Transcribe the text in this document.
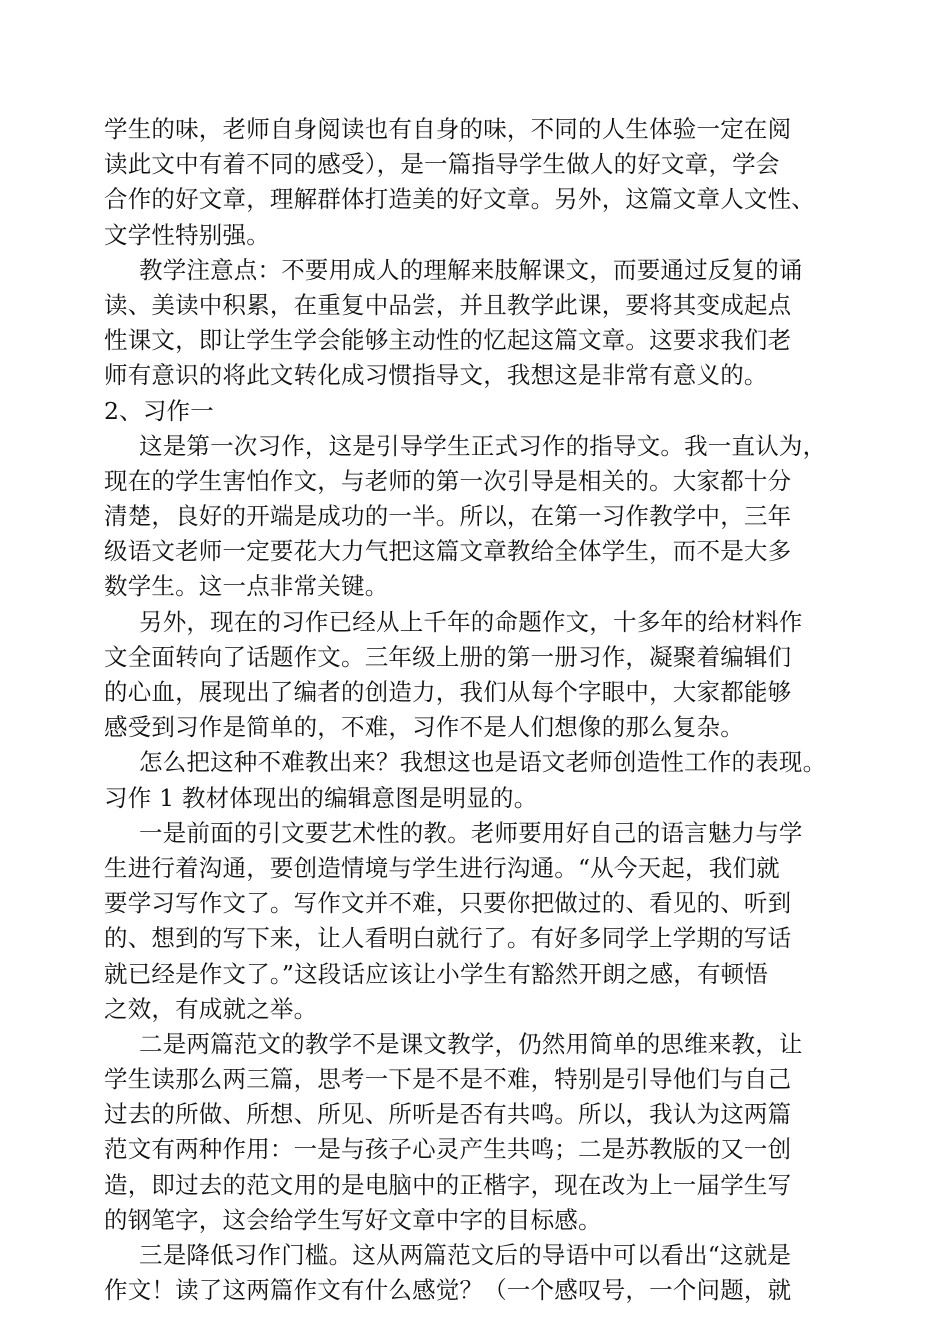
学生的味，老师自身阅读也有自身的味，不同的人生体验一定在阅
读此文中有着不同的感受），是一篇指导学生做人的好文章，学会
合作的好文章，理解群体打造美的好文章。另外，这篇文章人文性、
文学性特别强。
教学注意点：不要用成人的理解来肢解课文，而要通过反复的诵
读、美读中积累，在重复中品尝，并且教学此课，要将其变成起点
性课文，即让学生学会能够主动性的忆起这篇文章。这要求我们老
师有意识的将此文转化成习惯指导文，我想这是非常有意义的。
2、习作一
这是第一次习作，这是引导学生正式习作的指导文。我一直认为，
现在的学生害怕作文，与老师的第一次引导是相关的。大家都十分
清楚，良好的开端是成功的一半。所以，在第一习作教学中，三年
级语文老师一定要花大力气把这篇文章教给全体学生，而不是大多
数学生。这一点非常关键。
另外，现在的习作已经从上千年的命题作文，十多年的给材料作
文全面转向了话题作文。三年级上册的第一册习作，凝聚着编辑们
的心血，展现出了编者的创造力，我们从每个字眼中，大家都能够
感受到习作是简单的，不难，习作不是人们想像的那么复杂。
怎么把这种不难教出来？我想这也是语文老师创造性工作的表现。
习作 1 教材体现出的编辑意图是明显的。
一是前面的引文要艺术性的教。老师要用好自己的语言魅力与学
生进行着沟通，要创造情境与学生进行沟通。“从今天起，我们就
要学习写作文了。写作文并不难，只要你把做过的、看见的、听到
的、想到的写下来，让人看明白就行了。有好多同学上学期的写话
就已经是作文了。”这段话应该让小学生有豁然开朗之感，有顿悟
之效，有成就之举。
二是两篇范文的教学不是课文教学，仍然用简单的思维来教，让
学生读那么两三篇，思考一下是不是不难，特别是引导他们与自己
过去的所做、所想、所见、所听是否有共鸣。所以，我认为这两篇
范文有两种作用：一是与孩子心灵产生共鸣；二是苏教版的又一创
造，即过去的范文用的是电脑中的正楷字，现在改为上一届学生写
的钢笔字，这会给学生写好文章中字的目标感。
三是降低习作门槛。这从两篇范文后的导语中可以看出“这就是
作文！读了这两篇作文有什么感觉？（一个感叹号，一个问题，就
